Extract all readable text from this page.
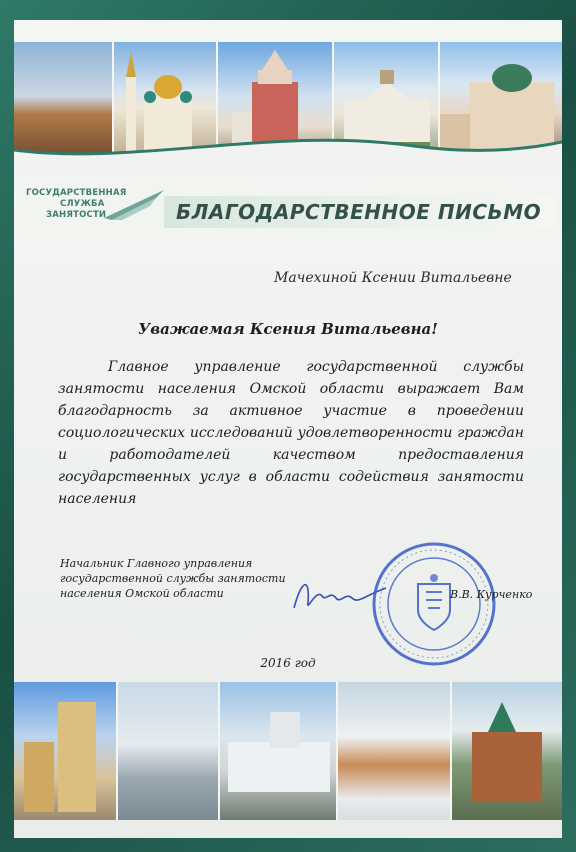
ГОСУДАРСТВЕННАЯ
СЛУЖБА
ЗАНЯТОСТИ	БЛАГОДАРСТВЕННОЕ ПИСЬМО
Мачехиной Ксении Витальевне
Уважаемая Ксения Витальевна!
Главное управление государственной службы занятости населения Омской области выражает Вам благодарность за активное участие в проведении социологических исследований удовлетворенности граждан и работодателей качеством предоставления государственных услуг в области содействия занятости населения
Начальник Главного управления
государственной службы занятости
населения Омской области	В.В. Курченко
2016 год
